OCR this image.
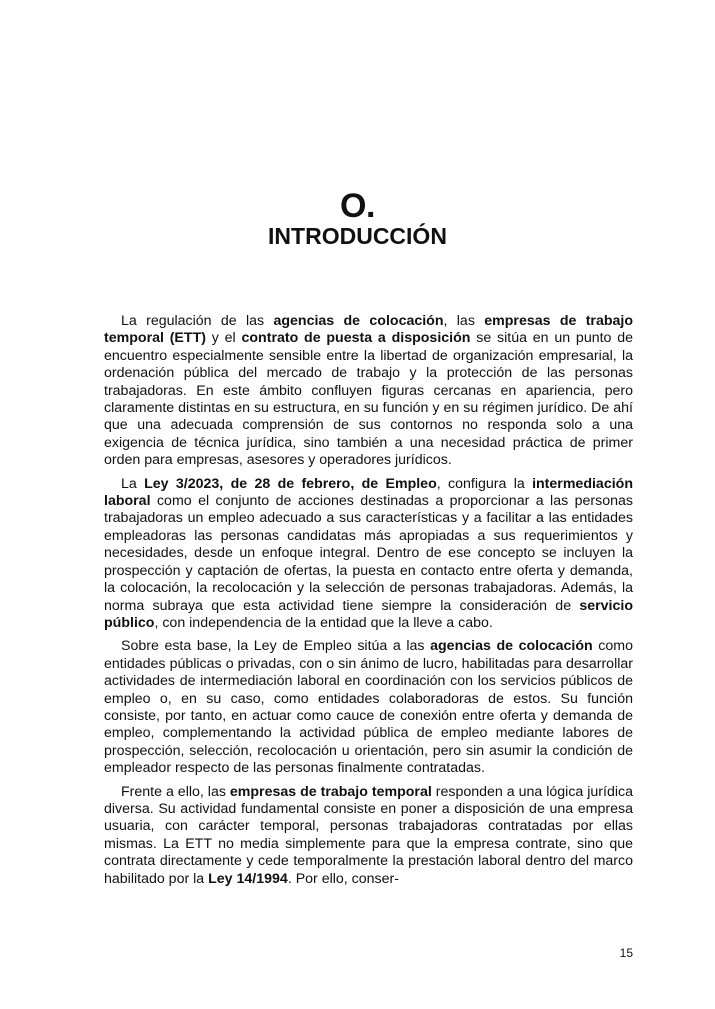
O.
INTRODUCCIÓN

La regulación de las agencias de colocación, las empresas de trabajo temporal (ETT) y el contrato de puesta a disposición se sitúa en un punto de encuentro especialmente sensible entre la libertad de organización empresarial, la ordenación pública del mercado de trabajo y la protección de las personas trabajadoras. En este ámbito confluyen figuras cercanas en apariencia, pero claramente distintas en su estructura, en su función y en su régimen jurídico. De ahí que una adecuada comprensión de sus contornos no responda solo a una exigencia de técnica jurídica, sino también a una necesidad práctica de primer orden para empresas, asesores y operadores jurídicos.

La Ley 3/2023, de 28 de febrero, de Empleo, configura la intermediación laboral como el conjunto de acciones destinadas a proporcionar a las personas trabajadoras un empleo adecuado a sus características y a facilitar a las entidades empleadoras las personas candidatas más apropiadas a sus requerimientos y necesidades, desde un enfoque integral. Dentro de ese concepto se incluyen la prospección y captación de ofertas, la puesta en contacto entre oferta y demanda, la colocación, la recolocación y la selección de personas trabajadoras. Además, la norma subraya que esta actividad tiene siempre la consideración de servicio público, con independencia de la entidad que la lleve a cabo.

Sobre esta base, la Ley de Empleo sitúa a las agencias de colocación como entidades públicas o privadas, con o sin ánimo de lucro, habilitadas para desarrollar actividades de intermediación laboral en coordinación con los servicios públicos de empleo o, en su caso, como entidades colaboradoras de estos. Su función consiste, por tanto, en actuar como cauce de conexión entre oferta y demanda de empleo, complementando la actividad pública de empleo mediante labores de prospección, selección, recolocación u orientación, pero sin asumir la condición de empleador respecto de las personas finalmente contratadas.

Frente a ello, las empresas de trabajo temporal responden a una lógica jurídica diversa. Su actividad fundamental consiste en poner a disposición de una empresa usuaria, con carácter temporal, personas trabajadoras contratadas por ellas mismas. La ETT no media simplemente para que la empresa contrate, sino que contrata directamente y cede temporalmente la prestación laboral dentro del marco habilitado por la Ley 14/1994. Por ello, conser-

15
